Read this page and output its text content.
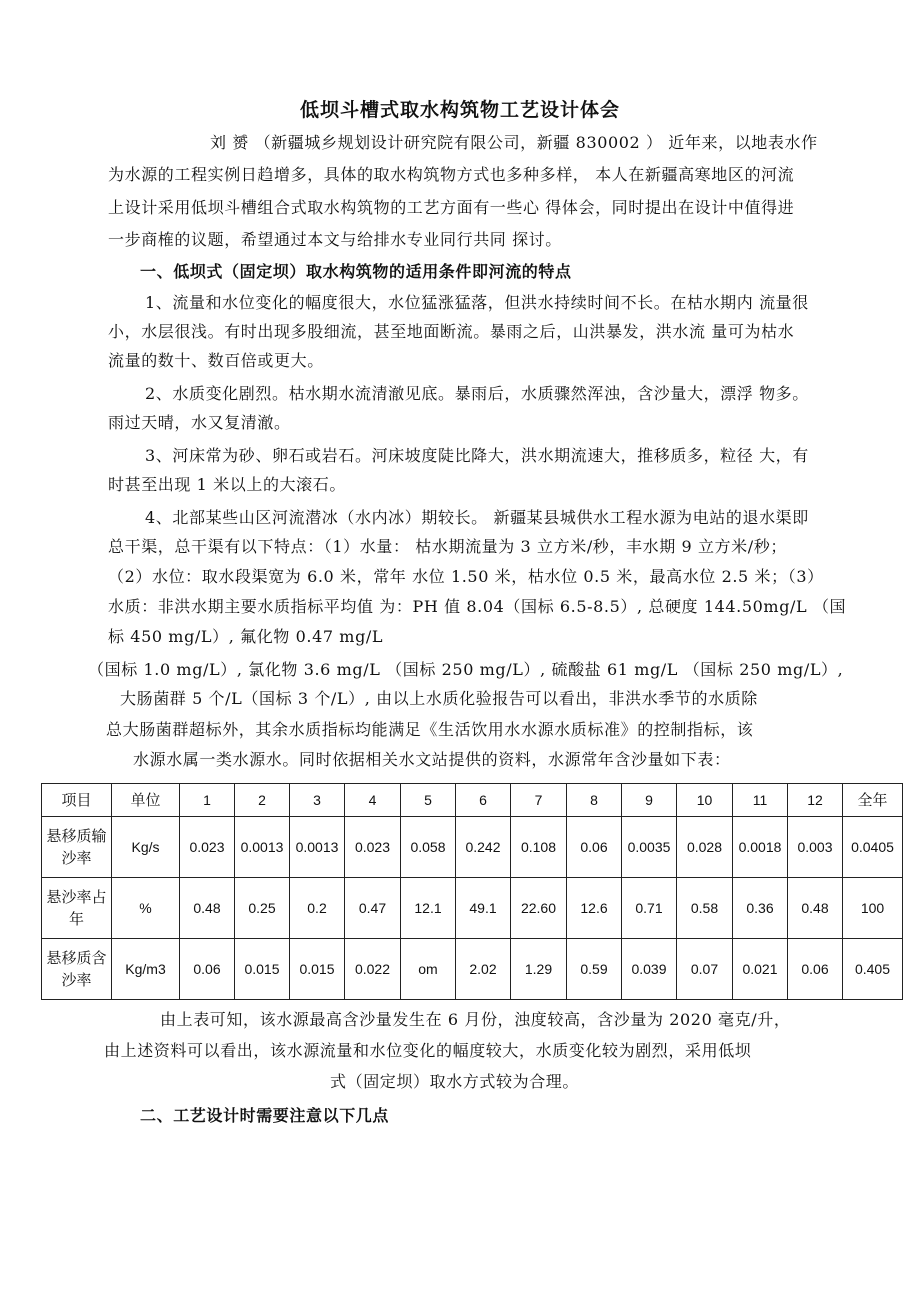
低坝斗槽式取水构筑物工艺设计体会
刘 赟 （新疆城乡规划设计研究院有限公司，新疆 830002 ） 近年来，以地表水作
为水源的工程实例日趋增多，具体的取水构筑物方式也多种多样， 本人在新疆高寒地区的河流
上设计采用低坝斗槽组合式取水构筑物的工艺方面有一些心 得体会，同时提出在设计中值得进
一步商榷的议题，希望通过本文与给排水专业同行共同 探讨。
一、低坝式（固定坝）取水构筑物的适用条件即河流的特点
1、流量和水位变化的幅度很大，水位猛涨猛落，但洪水持续时间不长。在枯水期内 流量很
小，水层很浅。有时出现多股细流，甚至地面断流。暴雨之后，山洪暴发，洪水流 量可为枯水
流量的数十、数百倍或更大。
2、水质变化剧烈。枯水期水流清澈见底。暴雨后，水质骤然浑浊，含沙量大，漂浮 物多。
雨过天晴，水又复清澈。
3、河床常为砂、卵石或岩石。河床坡度陡比降大，洪水期流速大，推移质多，粒径 大，有
时甚至出现 1 米以上的大滚石。
4、北部某些山区河流潜冰（水内冰）期较长。 新疆某县城供水工程水源为电站的退水渠即
总干渠，总干渠有以下特点：（1）水量： 枯水期流量为 3 立方米/秒，丰水期 9 立方米/秒；
（2）水位：取水段渠宽为 6.0 米，常年 水位 1.50 米，枯水位 0.5 米，最高水位 2.5 米；（3）
水质：非洪水期主要水质指标平均值 为：PH 值 8.04（国标 6.5-8.5）, 总硬度 144.50mg/L （国
标 450 mg/L）, 氟化物 0.47 mg/L
（国标 1.0 mg/L）, 氯化物 3.6 mg/L （国标 250 mg/L）, 硫酸盐 61 mg/L （国标 250 mg/L）,
大肠菌群 5 个/L（国标 3 个/L）, 由以上水质化验报告可以看出，非洪水季节的水质除
总大肠菌群超标外，其余水质指标均能满足《生活饮用水水源水质标准》的控制指标，该
水源水属一类水源水。同时依据相关水文站提供的资料，水源常年含沙量如下表：
项目	单位	1	2	3	4	5	6	7	8	9	10	11	12	全年
悬移质输沙率	Kg/s	0.023	0.0013	0.0013	0.023	0.058	0.242	0.108	0.06	0.0035	0.028	0.0018	0.003	0.0405
悬沙率占年	%	0.48	0.25	0.2	0.47	12.1	49.1	22.60	12.6	0.71	0.58	0.36	0.48	100
悬移质含沙率	Kg/m3	0.06	0.015	0.015	0.022	om	2.02	1.29	0.59	0.039	0.07	0.021	0.06	0.405
由上表可知，该水源最高含沙量发生在 6 月份，浊度较高，含沙量为 2020 毫克/升，
由上述资料可以看出，该水源流量和水位变化的幅度较大，水质变化较为剧烈，采用低坝
式（固定坝）取水方式较为合理。
二、工艺设计时需要注意以下几点
